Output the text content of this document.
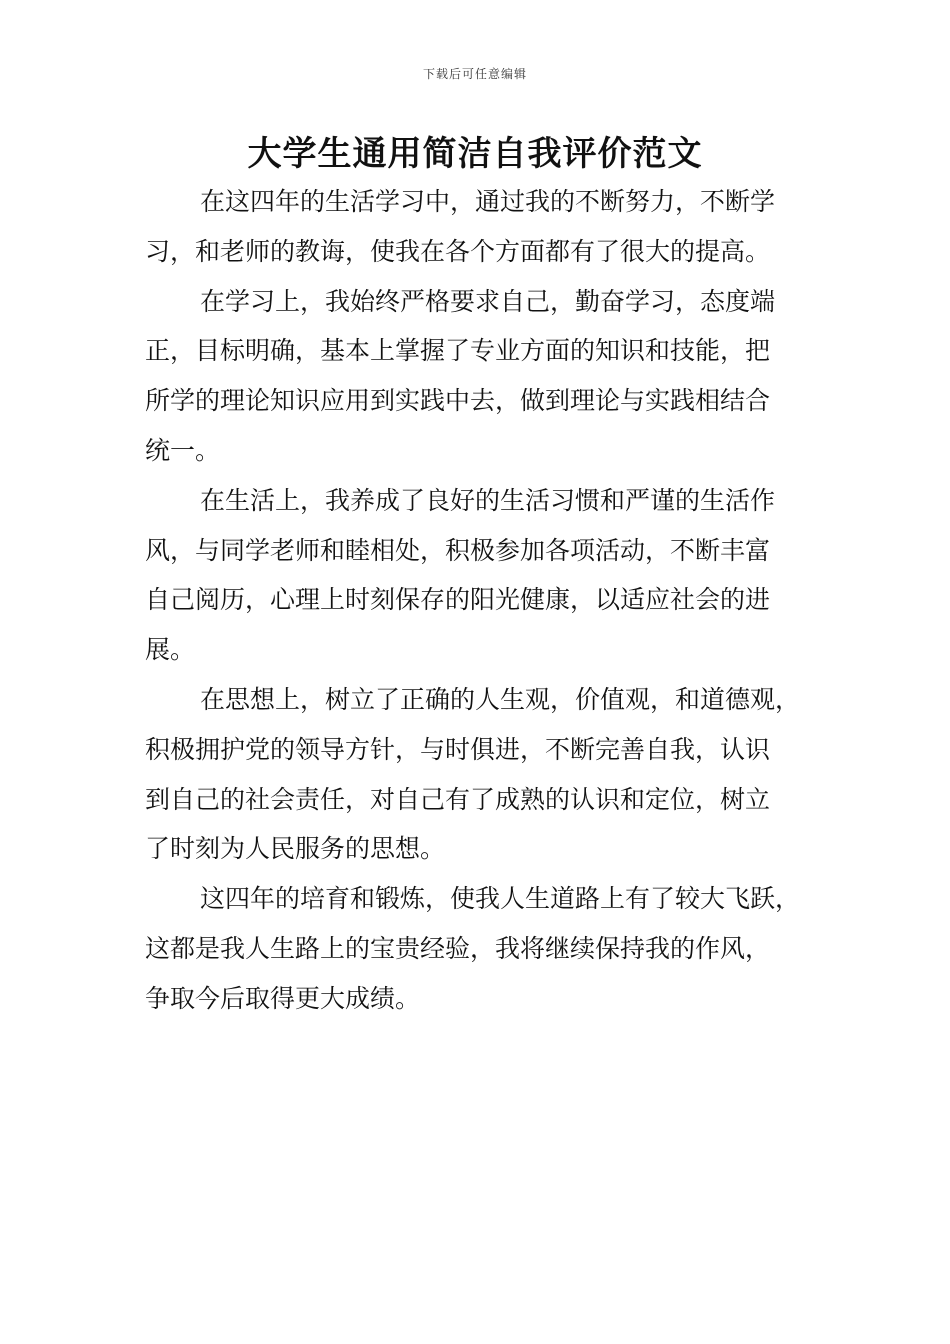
下载后可任意编辑
大学生通用简洁自我评价范文
在这四年的生活学习中，通过我的不断努力，不断学
习，和老师的教诲，使我在各个方面都有了很大的提高。
在学习上，我始终严格要求自己，勤奋学习，态度端
正，目标明确，基本上掌握了专业方面的知识和技能，把
所学的理论知识应用到实践中去，做到理论与实践相结合
统一。
在生活上，我养成了良好的生活习惯和严谨的生活作
风，与同学老师和睦相处，积极参加各项活动，不断丰富
自己阅历，心理上时刻保存的阳光健康，以适应社会的进
展。
在思想上，树立了正确的人生观，价值观，和道德观，
积极拥护党的领导方针，与时俱进，不断完善自我，认识
到自己的社会责任，对自己有了成熟的认识和定位，树立
了时刻为人民服务的思想。
这四年的培育和锻炼，使我人生道路上有了较大飞跃，
这都是我人生路上的宝贵经验，我将继续保持我的作风，
争取今后取得更大成绩。
